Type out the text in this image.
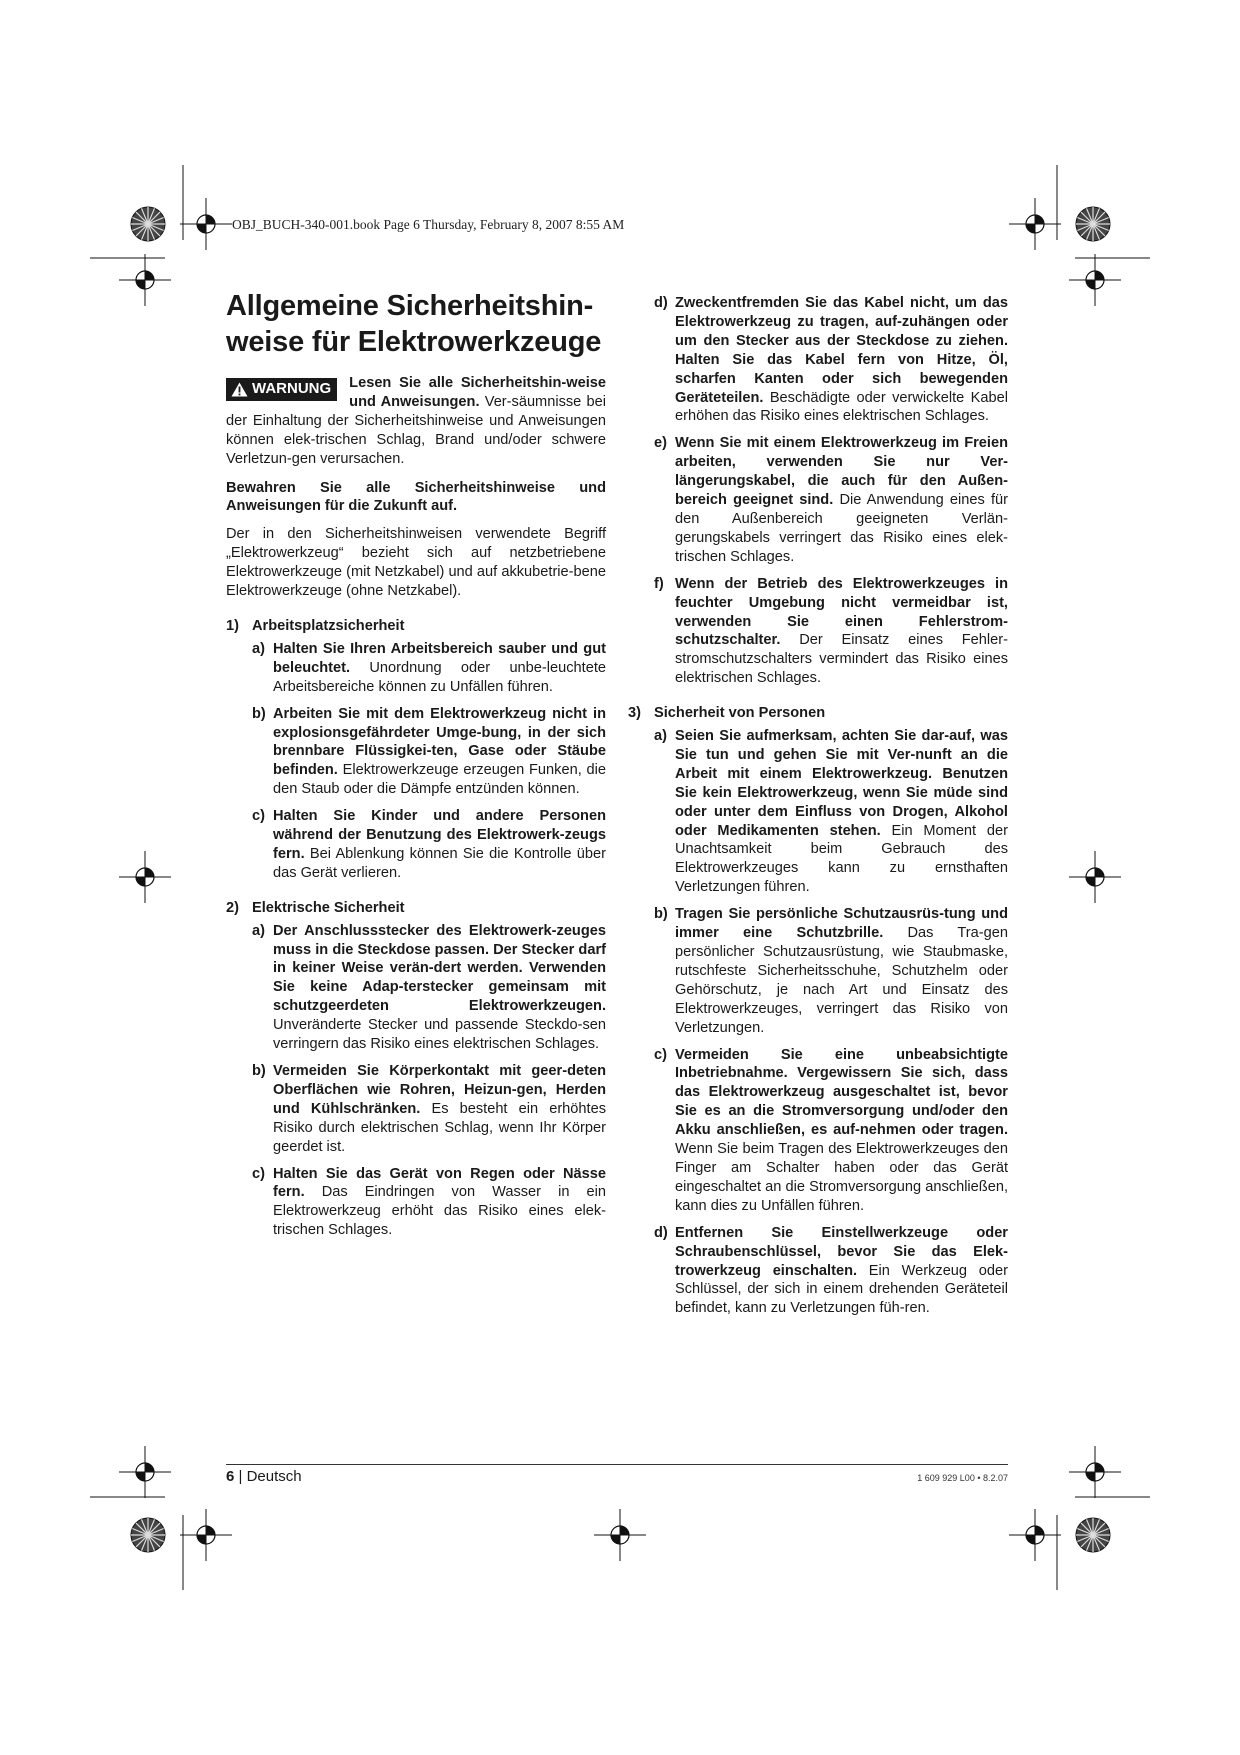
OBJ_BUCH-340-001.book Page 6 Thursday, February 8, 2007 8:55 AM
Allgemeine Sicherheitshin-weise für Elektrowerkzeuge
WARNUNG Lesen Sie alle Sicherheitshin-weise und Anweisungen. Ver-säumnisse bei der Einhaltung der Sicherheitshinweise und Anweisungen können elek-trischen Schlag, Brand und/oder schwere Verletzun-gen verursachen.

Bewahren Sie alle Sicherheitshinweise und Anweisungen für die Zukunft auf.

Der in den Sicherheitshinweisen verwendete Begriff „Elektrowerkzeug“ bezieht sich auf netzbetriebene Elektrowerkzeuge (mit Netzkabel) und auf akkubetrie-bene Elektrowerkzeuge (ohne Netzkabel).

1) Arbeitsplatzsicherheit
a) Halten Sie Ihren Arbeitsbereich sauber und gut beleuchtet. Unordnung oder unbe-leuchtete Arbeitsbereiche können zu Unfällen führen.
b) Arbeiten Sie mit dem Elektrowerkzeug nicht in explosionsgefährdeter Umge-bung, in der sich brennbare Flüssigkei-ten, Gase oder Stäube befinden. Elektrowerkzeuge erzeugen Funken, die den Staub oder die Dämpfe entzünden können.
c) Halten Sie Kinder und andere Personen während der Benutzung des Elektrowerk-zeugs fern. Bei Ablenkung können Sie die Kontrolle über das Gerät verlieren.
2) Elektrische Sicherheit
a) Der Anschlussstecker des Elektrowerk-zeuges muss in die Steckdose passen. Der Stecker darf in keiner Weise verän-dert werden. Verwenden Sie keine Adap-terstecker gemeinsam mit schutzgeerdeten Elektrowerkzeugen. Unveränderte Stecker und passende Steckdo-sen verringern das Risiko eines elektrischen Schlages.
b) Vermeiden Sie Körperkontakt mit geer-deten Oberflächen wie Rohren, Heizun-gen, Herden und Kühlschränken. Es besteht ein erhöhtes Risiko durch elektrischen Schlag, wenn Ihr Körper geerdet ist.
c) Halten Sie das Gerät von Regen oder Nässe fern. Das Eindringen von Wasser in ein Elektrowerkzeug erhöht das Risiko eines elek-trischen Schlages.
d) Zweckentfremden Sie das Kabel nicht, um das Elektrowerkzeug zu tragen, auf-zuhängen oder um den Stecker aus der Steckdose zu ziehen. Halten Sie das Kabel fern von Hitze, Öl, scharfen Kanten oder sich bewegenden Geräteteilen. Beschädigte oder verwickelte Kabel erhöhen das Risiko eines elektrischen Schlages.
e) Wenn Sie mit einem Elektrowerkzeug im Freien arbeiten, verwenden Sie nur Ver-längerungskabel, die auch für den Außen-bereich geeignet sind. Die Anwendung eines für den Außenbereich geeigneten Verlän-gerungskabels verringert das Risiko eines elek-trischen Schlages.
f) Wenn der Betrieb des Elektrowerkzeuges in feuchter Umgebung nicht vermeidbar ist, verwenden Sie einen Fehlerstrom-schutzschalter. Der Einsatz eines Fehler-stromschutzschalters vermindert das Risiko eines elektrischen Schlages.
3) Sicherheit von Personen
a) Seien Sie aufmerksam, achten Sie dar-auf, was Sie tun und gehen Sie mit Ver-nunft an die Arbeit mit einem Elektrowerkzeug. Benutzen Sie kein Elektrowerkzeug, wenn Sie müde sind oder unter dem Einfluss von Drogen, Alkohol oder Medikamenten stehen. Ein Moment der Unachtsamkeit beim Gebrauch des Elektrowerkzeuges kann zu ernsthaften Verletzungen führen.
b) Tragen Sie persönliche Schutzausrüs-tung und immer eine Schutzbrille. Das Tra-gen persönlicher Schutzausrüstung, wie Staubmaske, rutschfeste Sicherheitsschuhe, Schutzhelm oder Gehörschutz, je nach Art und Einsatz des Elektrowerkzeuges, verringert das Risiko von Verletzungen.
c) Vermeiden Sie eine unbeabsichtigte Inbetriebnahme. Vergewissern Sie sich, dass das Elektrowerkzeug ausgeschaltet ist, bevor Sie es an die Stromversorgung und/oder den Akku anschließen, es auf-nehmen oder tragen. Wenn Sie beim Tragen des Elektrowerkzeuges den Finger am Schalter haben oder das Gerät eingeschaltet an die Stromversorgung anschließen, kann dies zu Unfällen führen.
d) Entfernen Sie Einstellwerkzeuge oder Schraubenschlüssel, bevor Sie das Elek-trowerkzeug einschalten. Ein Werkzeug oder Schlüssel, der sich in einem drehenden Geräteteil befindet, kann zu Verletzungen füh-ren.
6 | Deutsch	1 609 929 L00 • 8.2.07
